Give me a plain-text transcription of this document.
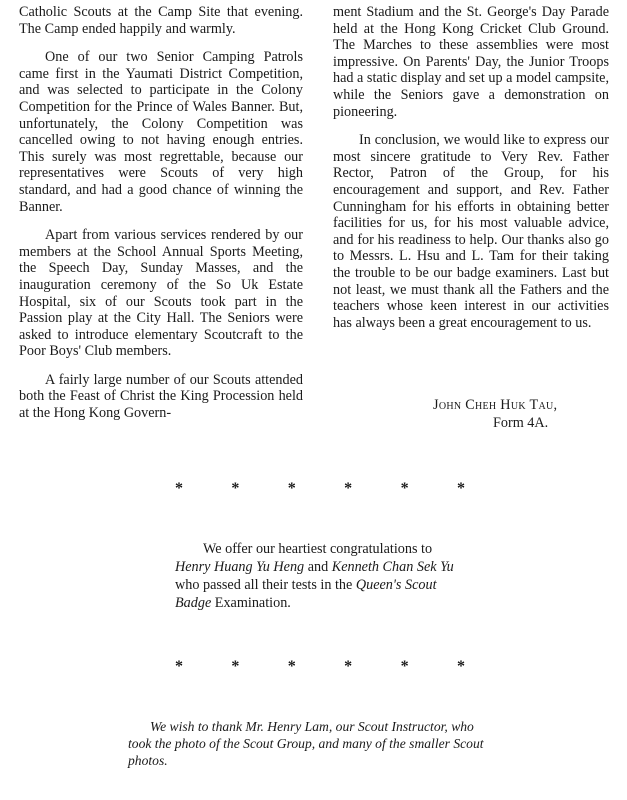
Catholic Scouts at the Camp Site that evening. The Camp ended happily and warmly.

One of our two Senior Camping Patrols came first in the Yaumati District Competition, and was selected to participate in the Colony Competition for the Prince of Wales Banner. But, unfortunately, the Colony Competition was cancelled owing to not having enough entries. This surely was most regrettable, because our representatives were Scouts of very high standard, and had a good chance of winning the Banner.

Apart from various services rendered by our members at the School Annual Sports Meeting, the Speech Day, Sunday Masses, and the inauguration ceremony of the So Uk Estate Hospital, six of our Scouts took part in the Passion play at the City Hall. The Seniors were asked to introduce elementary Scoutcraft to the Poor Boys' Club members.

A fairly large number of our Scouts attended both the Feast of Christ the King Procession held at the Hong Kong Govern-

ment Stadium and the St. George's Day Parade held at the Hong Kong Cricket Club Ground. The Marches to these assemblies were most impressive. On Parents' Day, the Junior Troops had a static display and set up a model campsite, while the Seniors gave a demonstration on pioneering.

In conclusion, we would like to express our most sincere gratitude to Very Rev. Father Rector, Patron of the Group, for his encouragement and support, and Rev. Father Cunningham for his efforts in obtaining better facilities for us, for his most valuable advice, and for his readiness to help. Our thanks also go to Messrs. L. Hsu and L. Tam for their taking the trouble to be our badge examiners. Last but not least, we must thank all the Fathers and the teachers whose keen interest in our activities has always been a great encouragement to us.

John Cheh Huk Tau,
Form 4A.
*	*	*	*	*	*

We offer our heartiest congratulations to Henry Huang Yu Heng and Kenneth Chan Sek Yu who passed all their tests in the Queen's Scout Badge Examination.

*	*	*	*	*	*

We wish to thank Mr. Henry Lam, our Scout Instructor, who took the photo of the Scout Group, and many of the smaller Scout photos.
